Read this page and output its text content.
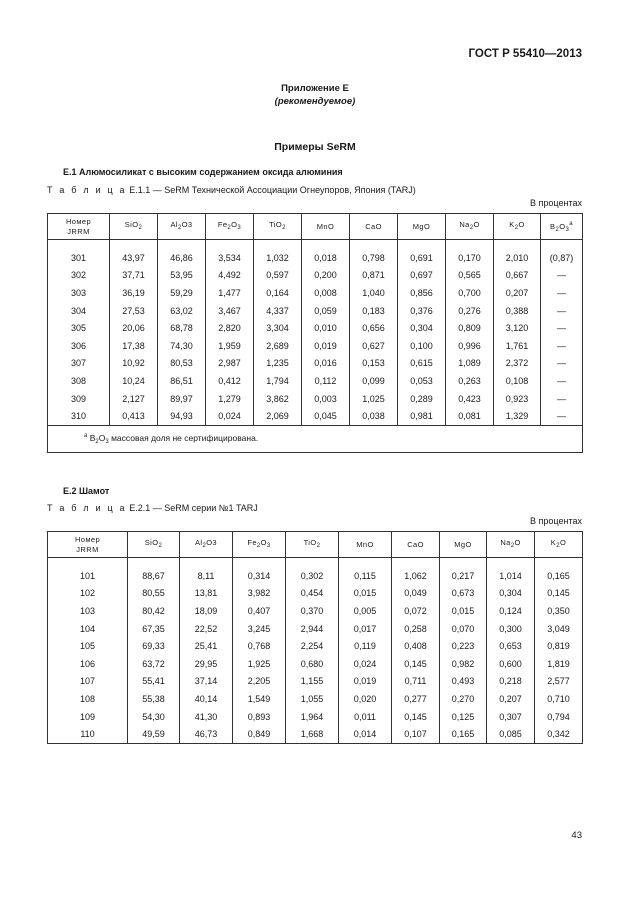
ГОСТ Р 55410—2013
Приложение Е
(рекомендуемое)
Примеры SeRM
Е.1 Алюмосиликат с высоким содержанием оксида алюминия
Т а б л и ц а Е.1.1 — SeRM Технической Ассоциации Огнеупоров, Япония (TARJ)
В процентах
Номер
JRRM	SiO$_2$	$Al_2O3$	$Fe_2O_3$	TiO$_2$	MnO	CaO	MgO	$Na_2O$	$K_2O$	$B_2O_3^a$

301	43,97	46,86	3,534	1,032	0,018	0,798	0,691	0,170	2,010	(0,87)
302	37,71	53,95	4,492	0,597	0,200	0,871	0,697	0,565	0,667	—
303	36,19	59,29	1,477	0,164	0,008	1,040	0,856	0,700	0,207	—
304	27,53	63,02	3,467	4,337	0,059	0,183	0,376	0,276	0,388	—
305	20,06	68,78	2,820	3,304	0,010	0,656	0,304	0,809	3,120	—
306	17,38	74,30	1,959	2,689	0,019	0,627	0,100	0,996	1,761	—
307	10,92	80,53	2,987	1,235	0,016	0,153	0,615	1,089	2,372	—
308	10,24	86,51	0,412	1,794	0,112	0,099	0,053	0,263	0,108	—
309	2,127	89,97	1,279	3,862	0,003	1,025	0,289	0,423	0,923	—
310	0,413	94,93	0,024	2,069	0,045	0,038	0,981	0,081	1,329	—
$^a$ $B_2O_3$ массовая доля не сертифицирована.										
Е.2 Шамот
Т а б л и ц а Е.2.1 — SeRM серии №1 TARJ
В процентах
Номер
JRRM	SiO$_2$	$Al_2O3$	$Fe_2O_3$	TiO$_2$	MnO	CaO	MgO	$Na_2O$	$K_2O$

101	88,67	8,11	0,314	0,302	0,115	1,062	0,217	1,014	0,165
102	80,55	13,81	3,982	0,454	0,015	0,049	0,673	0,304	0,145
103	80,42	18,09	0,407	0,370	0,005	0,072	0,015	0,124	0,350
104	67,35	22,52	3,245	2,944	0,017	0,258	0,070	0,300	3,049
105	69,33	25,41	0,768	2,254	0,119	0,408	0,223	0,653	0,819
106	63,72	29,95	1,925	0,680	0,024	0,145	0,982	0,600	1,819
107	55,41	37,14	2,205	1,155	0,019	0,711	0,493	0,218	2,577
108	55,38	40,14	1,549	1,055	0,020	0,277	0,270	0,207	0,710
109	54,30	41,30	0,893	1,964	0,011	0,145	0,125	0,307	0,794
110	49,59	46,73	0,849	1,668	0,014	0,107	0,165	0,085	0,342
43
